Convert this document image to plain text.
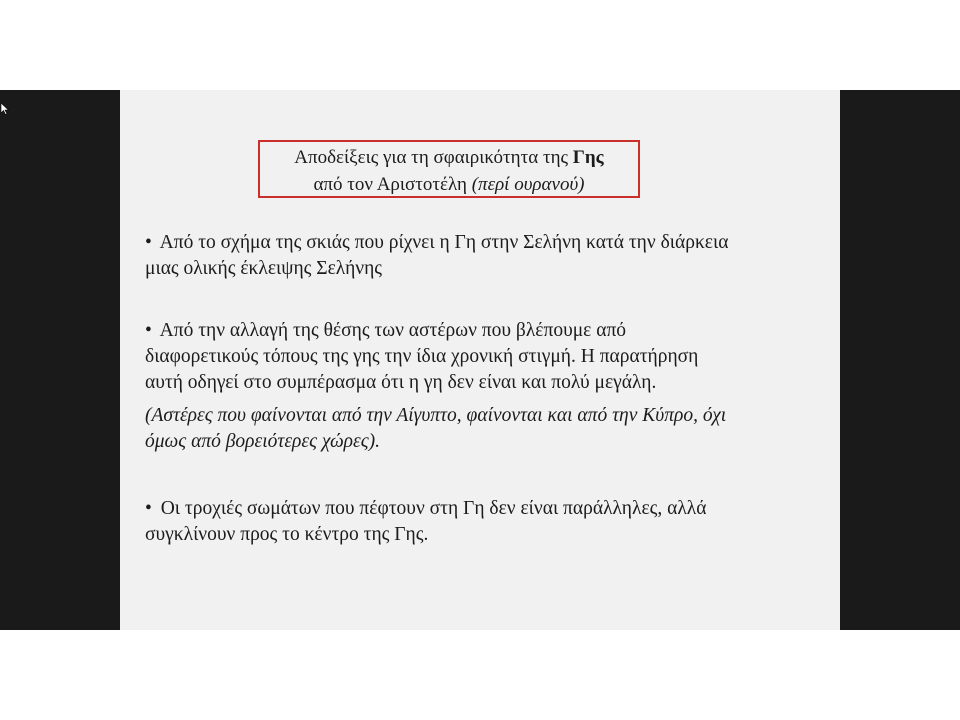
Αποδείξεις για τη σφαιρικότητα της Γης
από τον Αριστοτέλη (περί ουρανού)
• Από το σχήμα της σκιάς που ρίχνει η Γη στην Σελήνη κατά την διάρκεια
μιας ολικής έκλειψης Σελήνης
• Από την αλλαγή της θέσης των αστέρων που βλέπουμε από
διαφορετικούς τόπους της γης την ίδια χρονική στιγμή. Η παρατήρηση
αυτή οδηγεί στο συμπέρασμα ότι η γη δεν είναι και πολύ μεγάλη.
(Αστέρες που φαίνονται από την Αίγυπτο, φαίνονται και από την Κύπρο, όχι
όμως από βορειότερες χώρες).
• Οι τροχιές σωμάτων που πέφτουν στη Γη δεν είναι παράλληλες, αλλά
συγκλίνουν προς το κέντρο της Γης.
